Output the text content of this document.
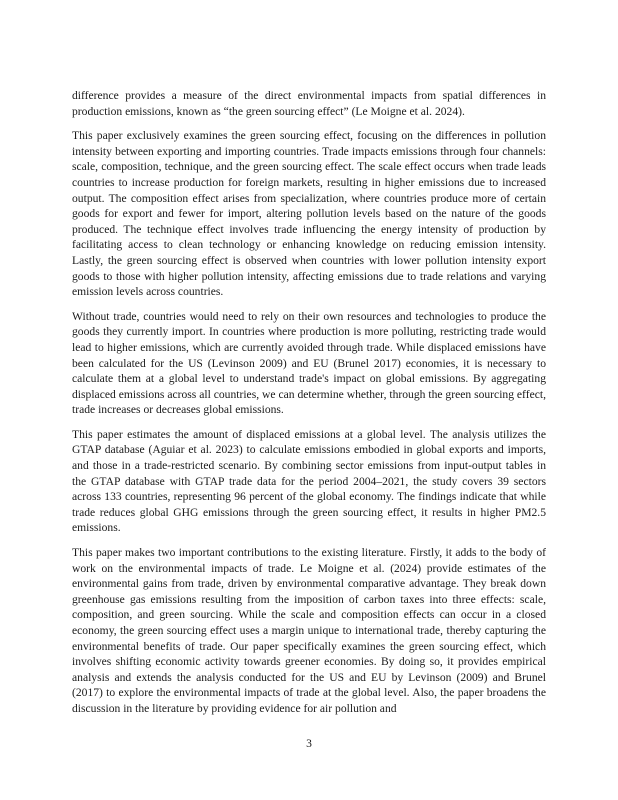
difference provides a measure of the direct environmental impacts from spatial differences in production emissions, known as “the green sourcing effect” (Le Moigne et al. 2024).

This paper exclusively examines the green sourcing effect, focusing on the differences in pollution intensity between exporting and importing countries. Trade impacts emissions through four channels: scale, composition, technique, and the green sourcing effect. The scale effect occurs when trade leads countries to increase production for foreign markets, resulting in higher emissions due to increased output. The composition effect arises from specialization, where countries produce more of certain goods for export and fewer for import, altering pollution levels based on the nature of the goods produced. The technique effect involves trade influencing the energy intensity of production by facilitating access to clean technology or enhancing knowledge on reducing emission intensity. Lastly, the green sourcing effect is observed when countries with lower pollution intensity export goods to those with higher pollution intensity, affecting emissions due to trade relations and varying emission levels across countries.

Without trade, countries would need to rely on their own resources and technologies to produce the goods they currently import. In countries where production is more polluting, restricting trade would lead to higher emissions, which are currently avoided through trade. While displaced emissions have been calculated for the US (Levinson 2009) and EU (Brunel 2017) economies, it is necessary to calculate them at a global level to understand trade's impact on global emissions. By aggregating displaced emissions across all countries, we can determine whether, through the green sourcing effect, trade increases or decreases global emissions.

This paper estimates the amount of displaced emissions at a global level. The analysis utilizes the GTAP database (Aguiar et al. 2023) to calculate emissions embodied in global exports and imports, and those in a trade-restricted scenario. By combining sector emissions from input-output tables in the GTAP database with GTAP trade data for the period 2004–2021, the study covers 39 sectors across 133 countries, representing 96 percent of the global economy. The findings indicate that while trade reduces global GHG emissions through the green sourcing effect, it results in higher PM2.5 emissions.

This paper makes two important contributions to the existing literature. Firstly, it adds to the body of work on the environmental impacts of trade. Le Moigne et al. (2024) provide estimates of the environmental gains from trade, driven by environmental comparative advantage. They break down greenhouse gas emissions resulting from the imposition of carbon taxes into three effects: scale, composition, and green sourcing. While the scale and composition effects can occur in a closed economy, the green sourcing effect uses a margin unique to international trade, thereby capturing the environmental benefits of trade. Our paper specifically examines the green sourcing effect, which involves shifting economic activity towards greener economies. By doing so, it provides empirical analysis and extends the analysis conducted for the US and EU by Levinson (2009) and Brunel (2017) to explore the environmental impacts of trade at the global level. Also, the paper broadens the discussion in the literature by providing evidence for air pollution and

3
